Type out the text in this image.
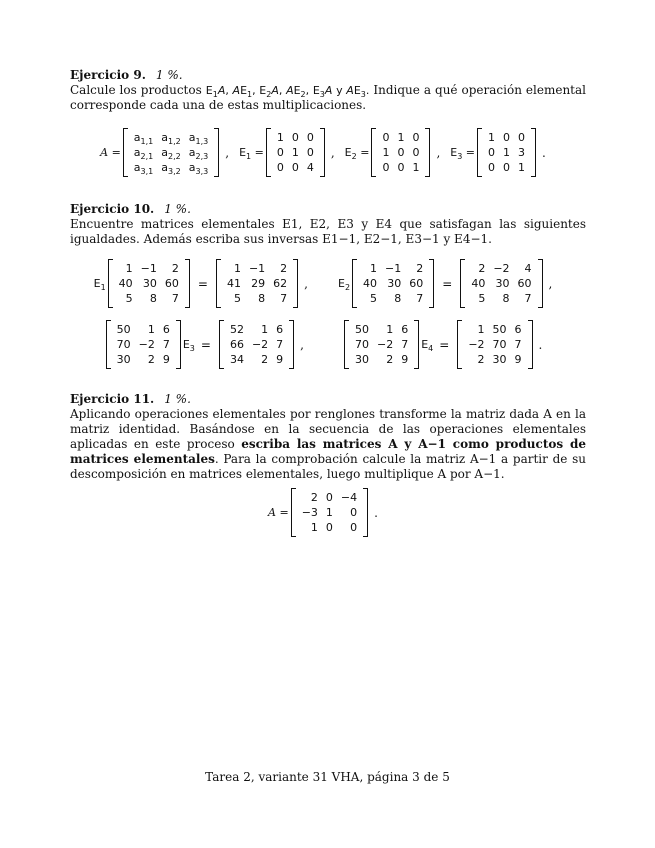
Ejercicio 9. 1 %.

Calcule los productos $E_1A$, $AE_1$, $E_2A$, $AE_2$, $E_3A$ y $AE_3$. Indique a qué operación elemental corresponde cada una de estas multiplicaciones.

A =
$a_{1,1}$ $a_{1,2}$ $a_{1,3}$
$a_{2,1}$ $a_{2,2}$ $a_{2,3}$
$a_{3,1}$ $a_{3,2}$ $a_{3,3}$
, $E_1$ =
1 0 0
0 1 0
0 0 4
, $E_2$ =
0 1 0
1 0 0
0 0 1
, $E_3$ =
1 0 0
0 1 3
0 0 1
.

Ejercicio 10. 1 %.

Encuentre matrices elementales E1, E2, E3 y E4 que satisfagan las siguientes igualdades. Además escriba sus inversas E1−1, E2−1, E3−1 y E4−1.

$E_1$
1 −1	2
40 30 60
5	8	7
=
1 −1	2
41 29 62
5	8	7
,	$E_2$
1 −1	2
40 30 60
5	8	7
=
2 −2	4
40 30 60
5	8	7
,
50	1 6
70 −2 7
30	2 9
$E_3$ =
52	1 6
66 −2 7
34	2 9
,
50	1 6
70 −2 7
30	2 9
$E_4$ =
1 50 6
−2 70 7
2 30 9
.

Ejercicio 11. 1 %.

Aplicando operaciones elementales por renglones transforme la matriz dada A en la matriz identidad. Basándose en la secuencia de las operaciones elementales aplicadas en este proceso escriba las matrices A y A−1 como productos de matrices elementales. Para la comprobación calcule la matriz A−1 a partir de su descomposición en matrices elementales, luego multiplique A por A−1.

A =
2 0 −4
−3 1	0
1 0	0
.
Tarea 2, variante 31 VHA, página 3 de 5
